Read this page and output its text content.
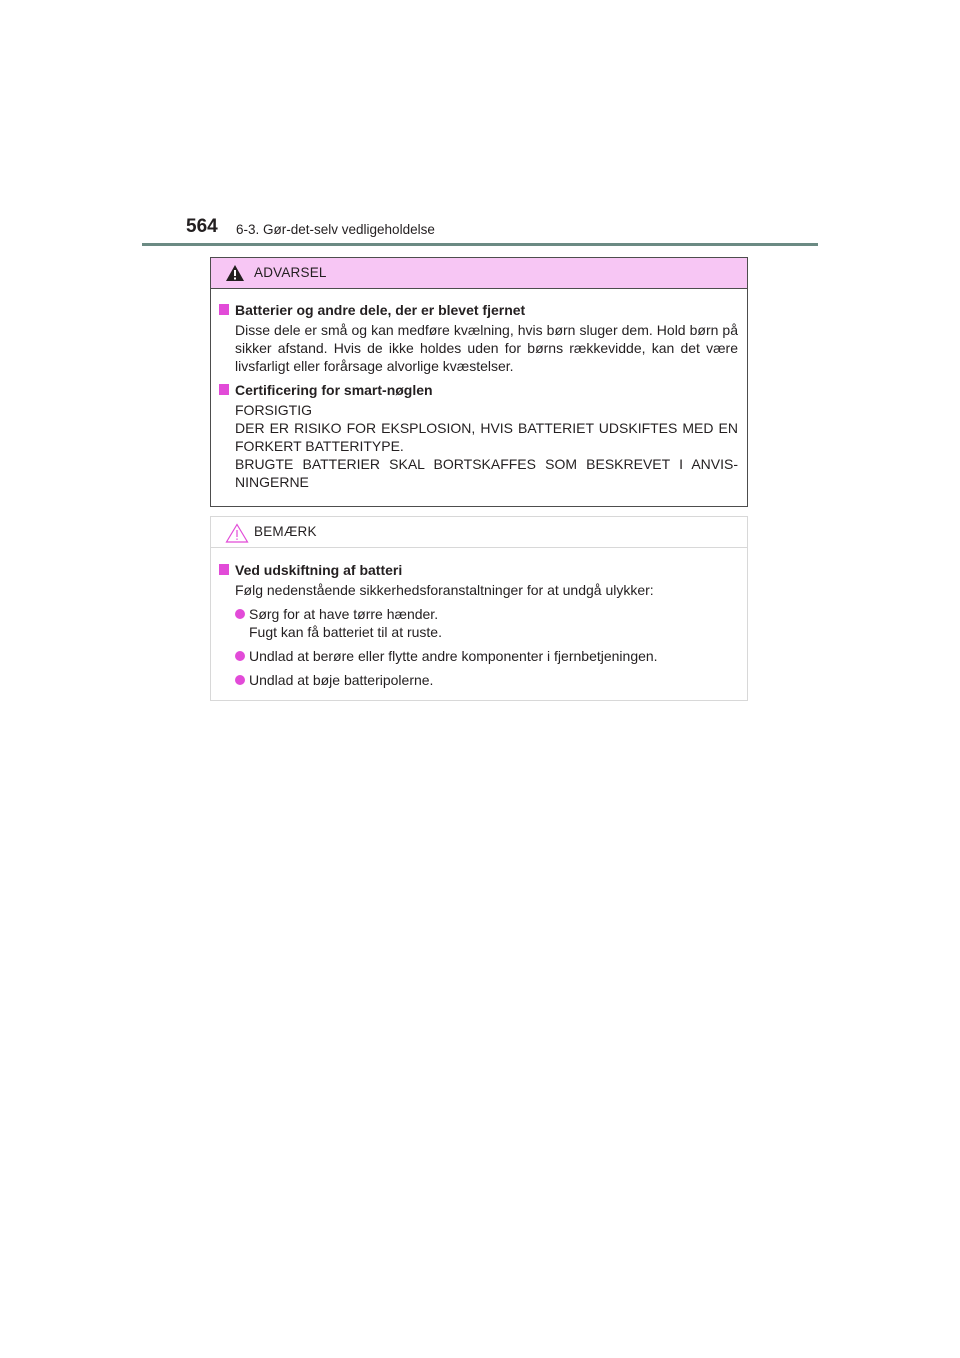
564 6-3. Gør-det-selv vedligeholdelse
ADVARSEL
Batterier og andre dele, der er blevet fjernet
Disse dele er små og kan medføre kvælning, hvis børn sluger dem. Hold børn på sikker afstand. Hvis de ikke holdes uden for børns rækkevidde, kan det være livsfarligt eller forårsage alvorlige kvæstelser.
Certificering for smart-nøglen
FORSIGTIG
DER ER RISIKO FOR EKSPLOSION, HVIS BATTERIET UDSKIFTES MED EN FORKERT BATTERITYPE.
BRUGTE BATTERIER SKAL BORTSKAFFES SOM BESKREVET I ANVIS-NINGERNE
BEMÆRK
Ved udskiftning af batteri
Følg nedenstående sikkerhedsforanstaltninger for at undgå ulykker:
Sørg for at have tørre hænder.
Fugt kan få batteriet til at ruste.
Undlad at berøre eller flytte andre komponenter i fjernbetjeningen.
Undlad at bøje batteripolerne.
